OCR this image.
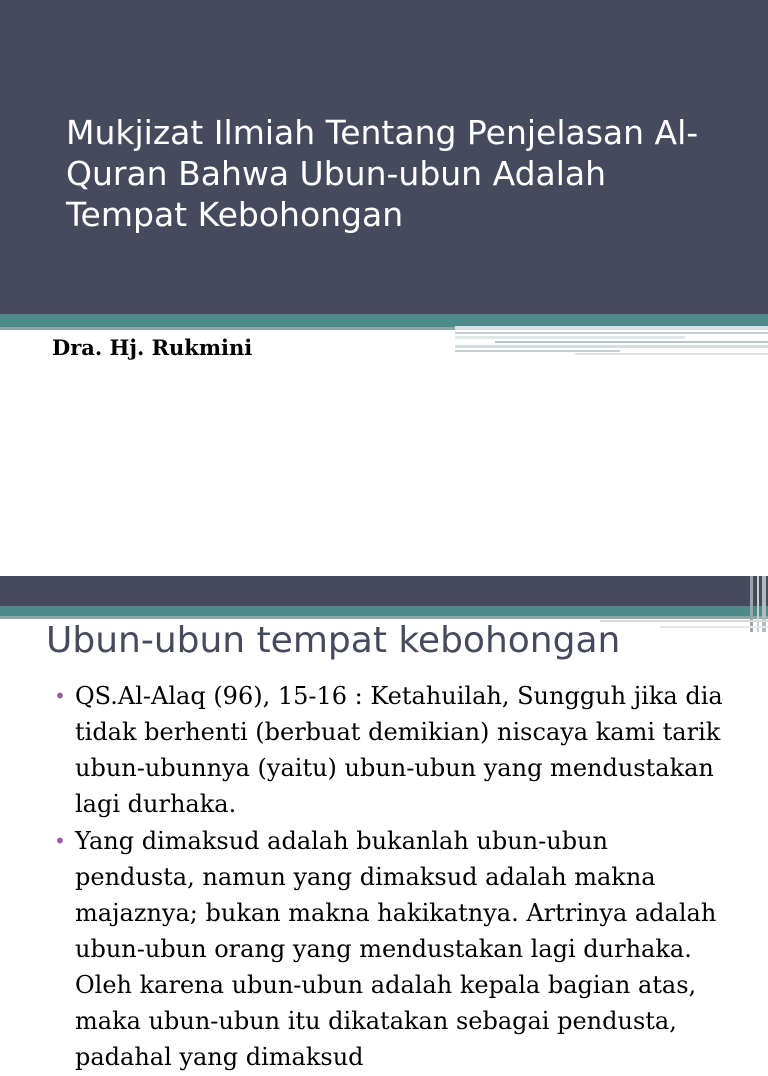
Mukjizat Ilmiah Tentang Penjelasan Al-Quran Bahwa Ubun-ubun Adalah Tempat Kebohongan

Dra. Hj. Rukmini

Ubun-ubun tempat kebohongan
• QS.Al-Alaq (96), 15-16 : Ketahuilah, Sungguh jika dia tidak berhenti (berbuat demikian) niscaya kami tarik ubun-ubunnya (yaitu) ubun-ubun yang mendustakan lagi durhaka.
• Yang dimaksud adalah bukanlah ubun-ubun pendusta, namun yang dimaksud adalah makna majaznya; bukan makna hakikatnya. Artrinya adalah ubun-ubun orang yang mendustakan lagi durhaka. Oleh karena ubun-ubun adalah kepala bagian atas, maka ubun-ubun itu dikatakan sebagai pendusta, padahal yang dimaksud
